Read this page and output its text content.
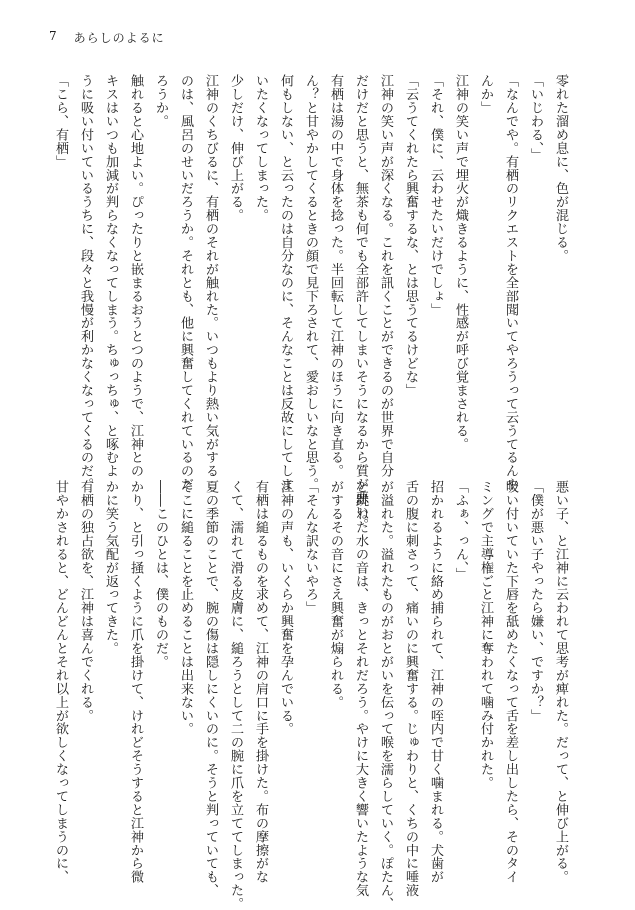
7 あらしのよるに
零れた溜め息に、色が混じる。
「いじわる、」
「なんでや。有栖のリクエストを全部聞いてやろうって云うてるんや
んか」
江神の笑い声で埋火が熾きるように、性感が呼び覚まされる。
「それ、僕に、云わせたいだけでしょ」
「云うてくれたら興奮するな、とは思うてるけどな」
江神の笑い声が深くなる。これを訊くことができるのが世界で自分
だけだと思うと、無茶も何でも全部許してしまいそうになるから質が悪い。
有栖は湯の中で身体を捻った。半回転して江神のほうに向き直る。
ん？と甘やかしてくるときの顔で見下ろされて、愛おしいなと思う。
何もしない、と云ったのは自分なのに、そんなことは反故にしてしま
いたくなってしまった。
少しだけ、伸び上がる。
江神のくちびるに、有栖のそれが触れた。いつもより熱い気がする
のは、風呂のせいだろうか。それとも、他に興奮してくれているのだ
ろうか。
触れると心地よい。ぴったりと嵌まるおうとつのようで、江神との
キスはいつも加減が判らなくなってしまう。ちゅっちゅ、と啄むよ
うに吸い付いているうちに、段々と我慢が利かなくなってくるのだ。
「こら、有栖」
悪い子、と江神に云われて思考が痺れた。だって、と伸び上がる。
「僕が悪い子やったら嫌い、ですか？」
吸い付いていた下唇を舐めたくなって舌を差し出したら、そのタイ
ミングで主導権ごと江神に奪われて噛み付かれた。
「ふぁ、っん、」
招かれるように絡め捕られて、江神の咥内で甘く噛まれる。犬歯が
舌の腹に刺さって、痛いのに興奮する。じゅわりと、くちの中に唾液
が溢れた。溢れたものがおとがいを伝って喉を濡らしていく。ぽたん、
と跳ねた水の音は、きっとそれだろう。やけに大きく響いたような気
がするその音にさえ興奮が煽られる。
「そんな訳ないやろ」
江神の声も、いくらか興奮を孕んでいる。
有栖は縋るものを求めて、江神の肩口に手を掛けた。布の摩擦がな
くて、濡れて滑る皮膚に、縋ろうとして二の腕に爪を立ててしまった。
夏の季節のことで、腕の傷は隠しにくいのに。そうと判っていても、
そこに縋ることを止めることは出来ない。
――このひとは、僕のものだ。
かり、と引っ掻くように爪を掛けて、けれどそうすると江神から微
かに笑う気配が返ってきた。
有栖の独占欲を、江神は喜んでくれる。
甘やかされると、どんどんとそれ以上が欲しくなってしまうのに、
